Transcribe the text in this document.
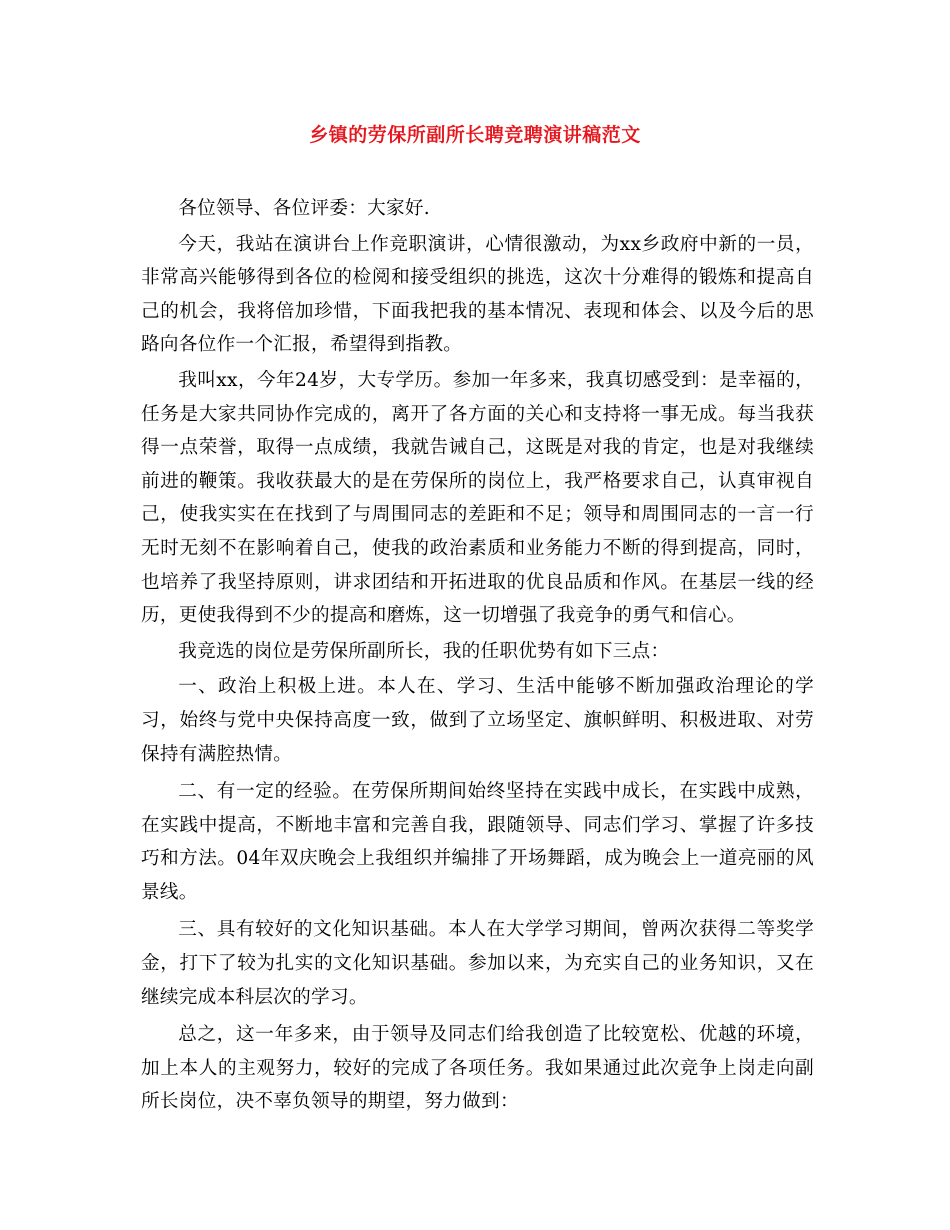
乡镇的劳保所副所长聘竞聘演讲稿范文

各位领导、各位评委：大家好.

今天，我站在演讲台上作竞职演讲，心情很激动，为xx乡政府中新的一员，非常高兴能够得到各位的检阅和接受组织的挑选，这次十分难得的锻炼和提高自己的机会，我将倍加珍惜，下面我把我的基本情况、表现和体会、以及今后的思路向各位作一个汇报，希望得到指教。

我叫xx，今年24岁，大专学历。参加一年多来，我真切感受到：是幸福的，任务是大家共同协作完成的，离开了各方面的关心和支持将一事无成。每当我获得一点荣誉，取得一点成绩，我就告诫自己，这既是对我的肯定，也是对我继续前进的鞭策。我收获最大的是在劳保所的岗位上，我严格要求自己，认真审视自己，使我实实在在找到了与周围同志的差距和不足；领导和周围同志的一言一行无时无刻不在影响着自己，使我的政治素质和业务能力不断的得到提高，同时，也培养了我坚持原则，讲求团结和开拓进取的优良品质和作风。在基层一线的经历，更使我得到不少的提高和磨炼，这一切增强了我竞争的勇气和信心。

我竞选的岗位是劳保所副所长，我的任职优势有如下三点：

一、政治上积极上进。本人在、学习、生活中能够不断加强政治理论的学习，始终与党中央保持高度一致，做到了立场坚定、旗帜鲜明、积极进取、对劳保持有满腔热情。

二、有一定的经验。在劳保所期间始终坚持在实践中成长，在实践中成熟，在实践中提高，不断地丰富和完善自我，跟随领导、同志们学习、掌握了许多技巧和方法。04年双庆晚会上我组织并编排了开场舞蹈，成为晚会上一道亮丽的风景线。

三、具有较好的文化知识基础。本人在大学学习期间，曾两次获得二等奖学金，打下了较为扎实的文化知识基础。参加以来，为充实自己的业务知识，又在继续完成本科层次的学习。

总之，这一年多来，由于领导及同志们给我创造了比较宽松、优越的环境，加上本人的主观努力，较好的完成了各项任务。我如果通过此次竞争上岗走向副所长岗位，决不辜负领导的期望，努力做到：
